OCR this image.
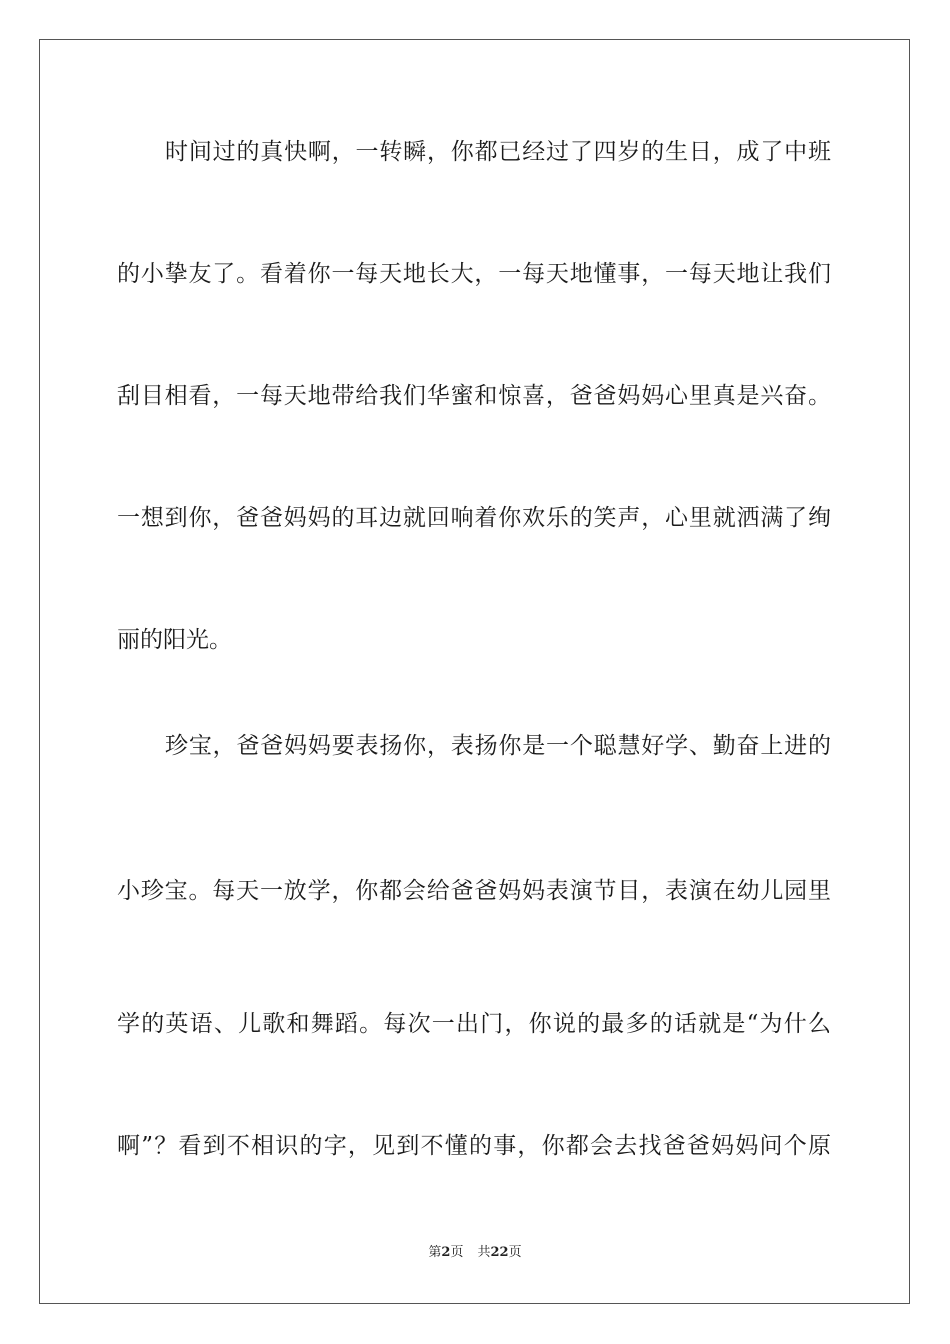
时间过的真快啊，一转瞬，你都已经过了四岁的生日，成了中班
的小挚友了。看着你一每天地长大，一每天地懂事，一每天地让我们
刮目相看，一每天地带给我们华蜜和惊喜，爸爸妈妈心里真是兴奋。
一想到你，爸爸妈妈的耳边就回响着你欢乐的笑声，心里就洒满了绚
丽的阳光。
珍宝，爸爸妈妈要表扬你，表扬你是一个聪慧好学、勤奋上进的
小珍宝。每天一放学，你都会给爸爸妈妈表演节目，表演在幼儿园里
学的英语、儿歌和舞蹈。每次一出门，你说的最多的话就是“为什么
啊”？看到不相识的字，见到不懂的事，你都会去找爸爸妈妈问个原
第2页 共22页
